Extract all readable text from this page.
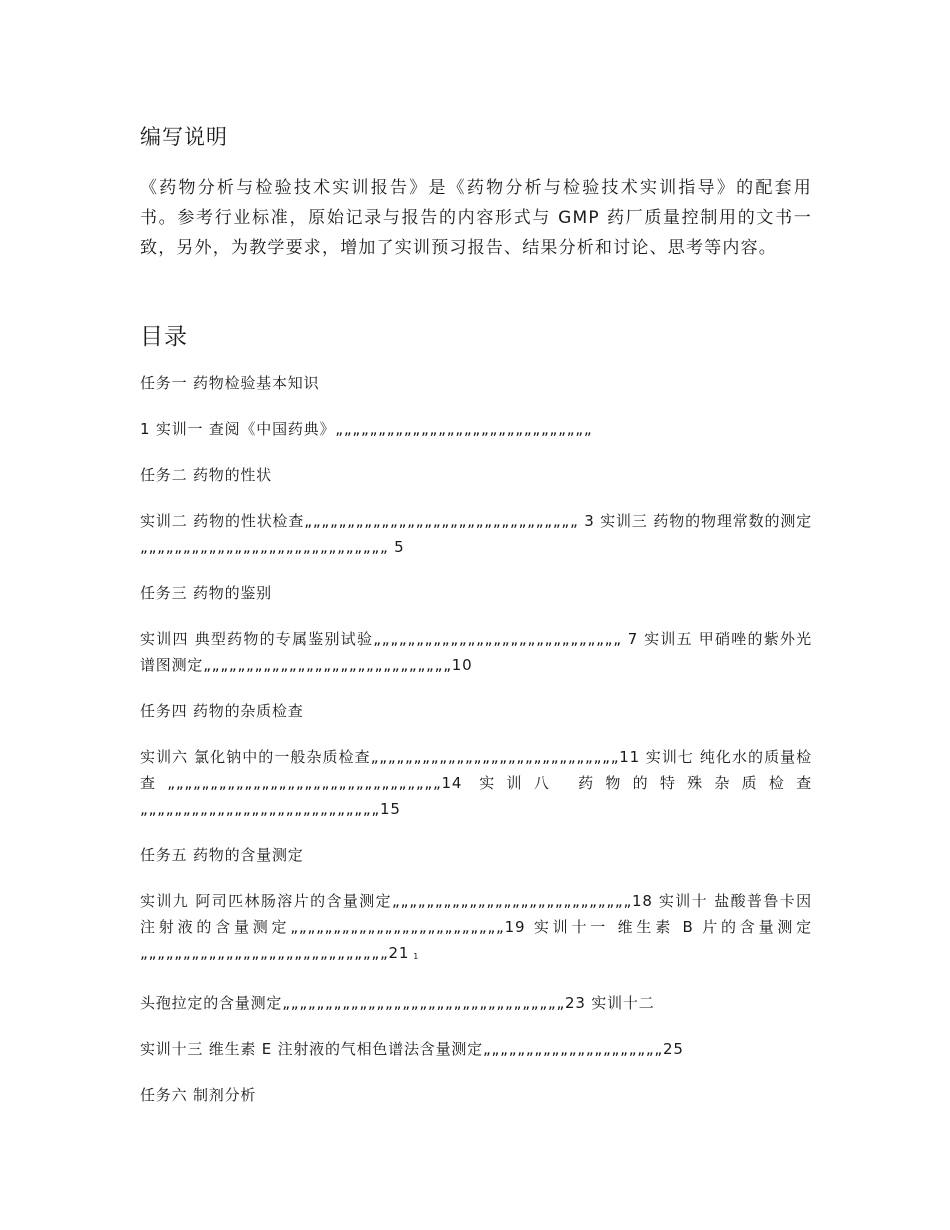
编写说明

《药物分析与检验技术实训报告》是《药物分析与检验技术实训指导》的配套用书。参考行业标准，原始记录与报告的内容形式与 GMP 药厂质量控制用的文书一致，另外，为教学要求，增加了实训预习报告、结果分析和讨论、思考等内容。

目录
任务一 药物检验基本知识
1 实训一 查阅《中国药典》„„„„„„„„„„„„„„„„„„„„„„„„„„„„„„
任务二 药物的性状
实训二 药物的性状检查„„„„„„„„„„„„„„„„„„„„„„„„„„„„„„„„ 3 实训三 药物的物理常数的测定„„„„„„„„„„„„„„„„„„„„„„„„„„„„„ 5
任务三 药物的鉴别
实训四 典型药物的专属鉴别试验„„„„„„„„„„„„„„„„„„„„„„„„„„„„„ 7 实训五 甲硝唑的紫外光谱图测定„„„„„„„„„„„„„„„„„„„„„„„„„„„„„10
任务四 药物的杂质检查
实训六 氯化钠中的一般杂质检查„„„„„„„„„„„„„„„„„„„„„„„„„„„„„11 实训七 纯化水的质量检查„„„„„„„„„„„„„„„„„„„„„„„„„„„„„„„„14 实训八 药物的特殊杂质检查„„„„„„„„„„„„„„„„„„„„„„„„„„„„15
任务五 药物的含量测定
实训九 阿司匹林肠溶片的含量测定„„„„„„„„„„„„„„„„„„„„„„„„„„„„18 实训十 盐酸普鲁卡因注射液的含量测定„„„„„„„„„„„„„„„„„„„„„„„„„19 实训十一 维生素 B 片的含量测定„„„„„„„„„„„„„„„„„„„„„„„„„„„„„21 $_1$
头孢拉定的含量测定„„„„„„„„„„„„„„„„„„„„„„„„„„„„„„„„„23 实训十二
实训十三 维生素 E 注射液的气相色谱法含量测定„„„„„„„„„„„„„„„„„„„„„25
任务六 制剂分析
